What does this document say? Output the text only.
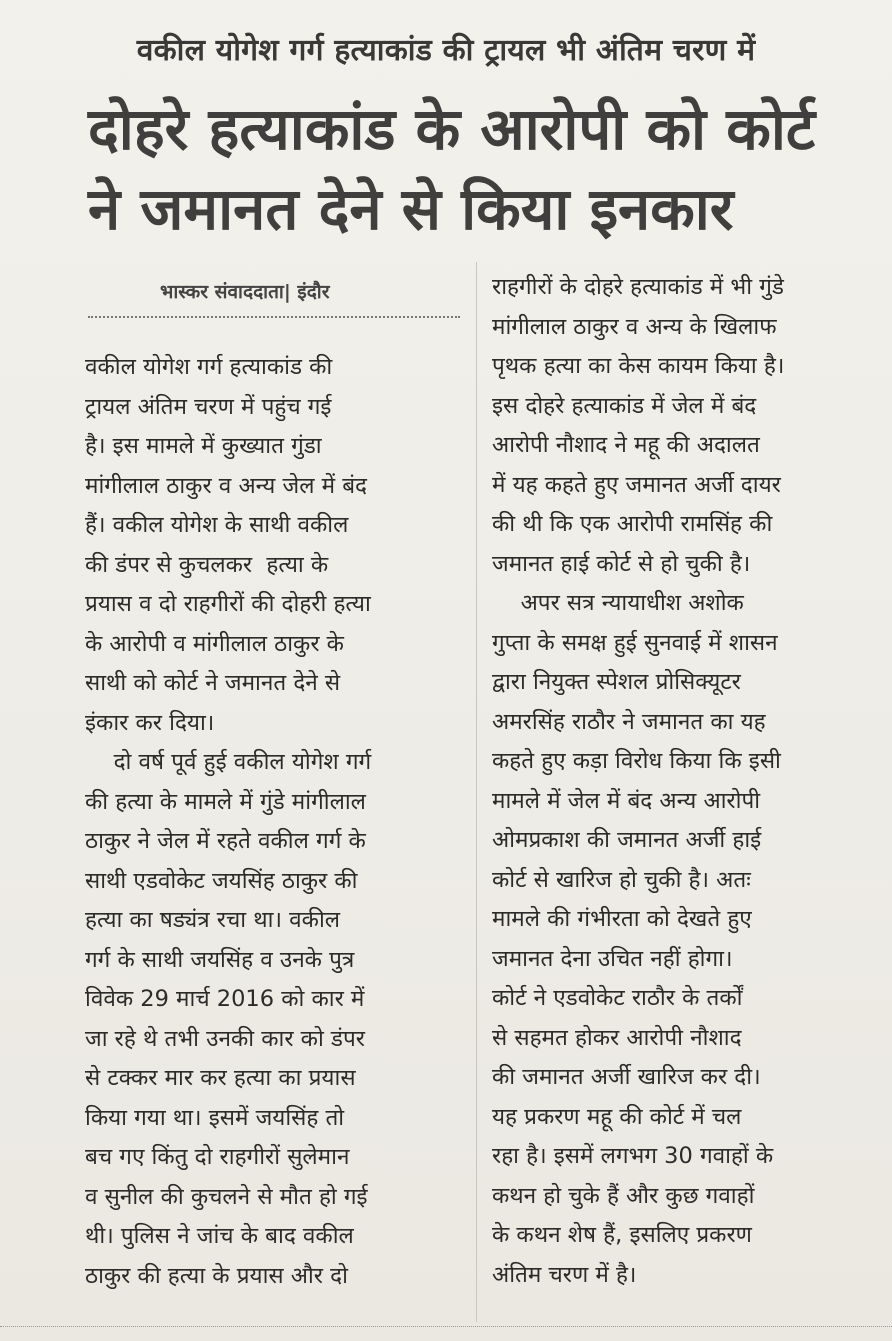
वकील योगेश गर्ग हत्याकांड की ट्रायल भी अंतिम चरण में
दोहरे हत्याकांड के आरोपी को कोर्ट
ने जमानत देने से किया इनकार
भास्कर संवाददाता| इंदौर
वकील योगेश गर्ग हत्याकांड की
ट्रायल अंतिम चरण में पहुंच गई
है। इस मामले में कुख्यात गुंडा
मांगीलाल ठाकुर व अन्य जेल में बंद
हैं। वकील योगेश के साथी वकील
की डंपर से कुचलकर  हत्या के
प्रयास व दो राहगीरों की दोहरी हत्या
के आरोपी व मांगीलाल ठाकुर के
साथी को कोर्ट ने जमानत देने से
इंकार कर दिया।
दो वर्ष पूर्व हुई वकील योगेश गर्ग
की हत्या के मामले में गुंडे मांगीलाल
ठाकुर ने जेल में रहते वकील गर्ग के
साथी एडवोकेट जयसिंह ठाकुर की
हत्या का षड्यंत्र रचा था। वकील
गर्ग के साथी जयसिंह व उनके पुत्र
विवेक 29 मार्च 2016 को कार में
जा रहे थे तभी उनकी कार को डंपर
से टक्कर मार कर हत्या का प्रयास
किया गया था। इसमें जयसिंह तो
बच गए किंतु दो राहगीरों सुलेमान
व सुनील की कुचलने से मौत हो गई
थी। पुलिस ने जांच के बाद वकील
ठाकुर की हत्या के प्रयास और दो
राहगीरों के दोहरे हत्याकांड में भी गुंडे
मांगीलाल ठाकुर व अन्य के खिलाफ
पृथक हत्या का केस कायम किया है।
इस दोहरे हत्याकांड में जेल में बंद
आरोपी नौशाद ने महू की अदालत
में यह कहते हुए जमानत अर्जी दायर
की थी कि एक आरोपी रामसिंह की
जमानत हाई कोर्ट से हो चुकी है।
अपर सत्र न्यायाधीश अशोक
गुप्ता के समक्ष हुई सुनवाई में शासन
द्वारा नियुक्त स्पेशल प्रोसिक्यूटर
अमरसिंह राठौर ने जमानत का यह
कहते हुए कड़ा विरोध किया कि इसी
मामले में जेल में बंद अन्य आरोपी
ओमप्रकाश की जमानत अर्जी हाई
कोर्ट से खारिज हो चुकी है। अतः
मामले की गंभीरता को देखते हुए
जमानत देना उचित नहीं होगा।
कोर्ट ने एडवोकेट राठौर के तर्कों
से सहमत होकर आरोपी नौशाद
की जमानत अर्जी खारिज कर दी।
यह प्रकरण महू की कोर्ट में चल
रहा है। इसमें लगभग 30 गवाहों के
कथन हो चुके हैं और कुछ गवाहों
के कथन शेष हैं, इसलिए प्रकरण
अंतिम चरण में है।
